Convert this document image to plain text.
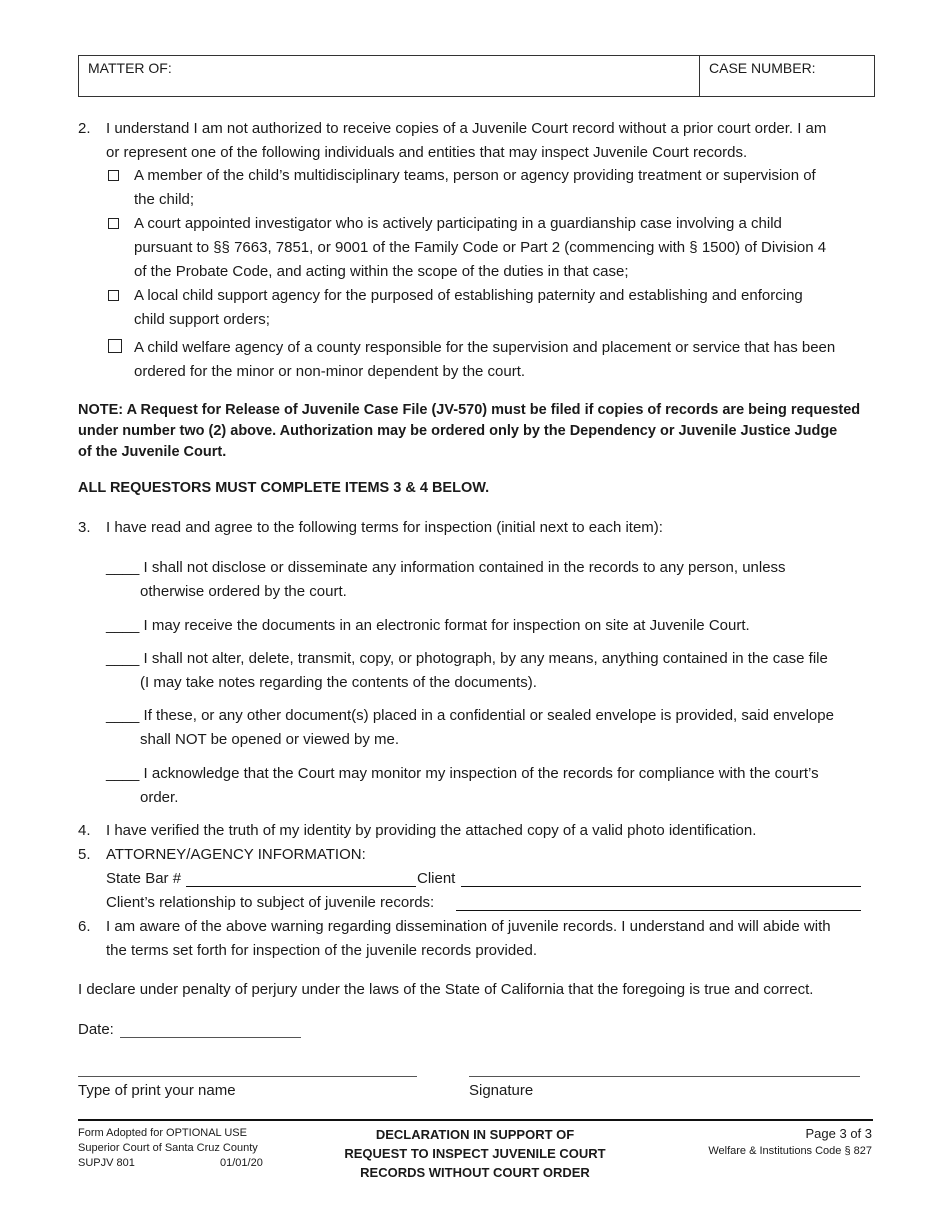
MATTER OF:	CASE NUMBER:
2.	I understand I am not authorized to receive copies of a Juvenile Court record without a prior court order. I am
or represent one of the following individuals and entities that may inspect Juvenile Court records.
A member of the child’s multidisciplinary teams, person or agency providing treatment or supervision of
the child;
A court appointed investigator who is actively participating in a guardianship case involving a child
pursuant to §§ 7663, 7851, or 9001 of the Family Code or Part 2 (commencing with § 1500) of Division 4
of the Probate Code, and acting within the scope of the duties in that case;
A local child support agency for the purposed of establishing paternity and establishing and enforcing
child support orders;
A child welfare agency of a county responsible for the supervision and placement or service that has been
ordered for the minor or non-minor dependent by the court.
NOTE: A Request for Release of Juvenile Case File (JV-570) must be filed if copies of records are being requested
under number two (2) above. Authorization may be ordered only by the Dependency or Juvenile Justice Judge
of the Juvenile Court.
ALL REQUESTORS MUST COMPLETE ITEMS 3 & 4 BELOW.
3.	I have read and agree to the following terms for inspection (initial next to each item):
____ I shall not disclose or disseminate any information contained in the records to any person, unless
otherwise ordered by the court.
____ I may receive the documents in an electronic format for inspection on site at Juvenile Court.
____ I shall not alter, delete, transmit, copy, or photograph, by any means, anything contained in the case file
(I may take notes regarding the contents of the documents).
____ If these, or any other document(s) placed in a confidential or sealed envelope is provided, said envelope
shall NOT be opened or viewed by me.
____ I acknowledge that the Court may monitor my inspection of the records for compliance with the court’s
order.
4.	I have verified the truth of my identity by providing the attached copy of a valid photo identification.
5.	ATTORNEY/AGENCY INFORMATION:
State Bar #	Client
Client’s relationship to subject of juvenile records:
6.	I am aware of the above warning regarding dissemination of juvenile records. I understand and will abide with
the terms set forth for inspection of the juvenile records provided.
I declare under penalty of perjury under the laws of the State of California that the foregoing is true and correct.
Date:
Type of print your name	Signature
Form Adopted for OPTIONAL USE
Superior Court of Santa Cruz County
SUPJV 801	01/01/20
DECLARATION IN SUPPORT OF
REQUEST TO INSPECT JUVENILE COURT
RECORDS WITHOUT COURT ORDER
Page 3 of 3
Welfare & Institutions Code § 827
